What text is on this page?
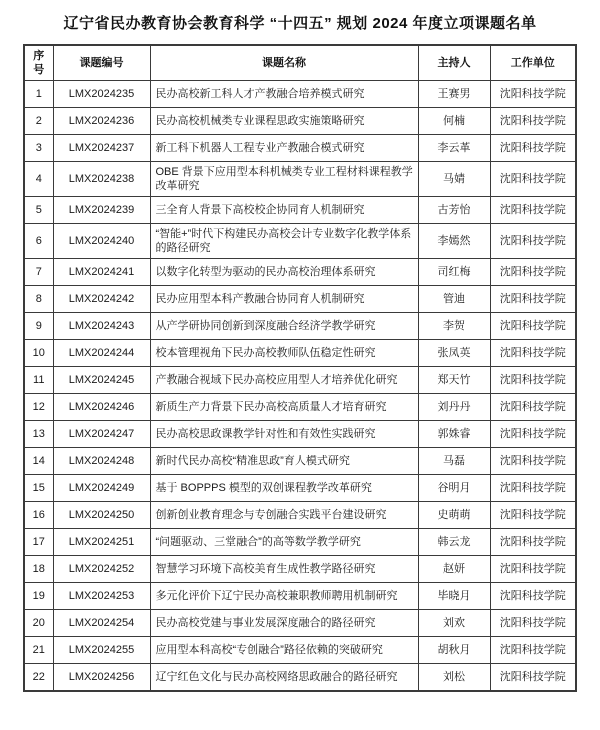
辽宁省民办教育协会教育科学 “十四五” 规划 2024 年度立项课题名单
序号	课题编号	课题名称	主持人	工作单位
1	LMX2024235	民办高校新工科人才产教融合培养模式研究	王赛男	沈阳科技学院
2	LMX2024236	民办高校机械类专业课程思政实施策略研究	何楠	沈阳科技学院
3	LMX2024237	新工科下机器人工程专业产教融合模式研究	李云革	沈阳科技学院
4	LMX2024238	OBE 背景下应用型本科机械类专业工程材料课程教学改革研究	马婧	沈阳科技学院
5	LMX2024239	三全育人背景下高校校企协同育人机制研究	古芳怡	沈阳科技学院
6	LMX2024240	“智能+”时代下构建民办高校会计专业数字化教学体系的路径研究	李嫣然	沈阳科技学院
7	LMX2024241	以数字化转型为驱动的民办高校治理体系研究	司红梅	沈阳科技学院
8	LMX2024242	民办应用型本科产教融合协同育人机制研究	管迪	沈阳科技学院
9	LMX2024243	从产学研协同创新到深度融合经济学教学研究	李贺	沈阳科技学院
10	LMX2024244	校本管理视角下民办高校教师队伍稳定性研究	张凤英	沈阳科技学院
11	LMX2024245	产教融合视域下民办高校应用型人才培养优化研究	郑天竹	沈阳科技学院
12	LMX2024246	新质生产力背景下民办高校高质量人才培育研究	刘丹丹	沈阳科技学院
13	LMX2024247	民办高校思政课教学针对性和有效性实践研究	郭姝睿	沈阳科技学院
14	LMX2024248	新时代民办高校“精准思政”育人模式研究	马磊	沈阳科技学院
15	LMX2024249	基于 BOPPPS 模型的双创课程教学改革研究	谷明月	沈阳科技学院
16	LMX2024250	创新创业教育理念与专创融合实践平台建设研究	史萌萌	沈阳科技学院
17	LMX2024251	“问题驱动、三堂融合”的高等数学教学研究	韩云龙	沈阳科技学院
18	LMX2024252	智慧学习环境下高校美育生成性教学路径研究	赵妍	沈阳科技学院
19	LMX2024253	多元化评价下辽宁民办高校兼职教师聘用机制研究	毕晓月	沈阳科技学院
20	LMX2024254	民办高校党建与事业发展深度融合的路径研究	刘欢	沈阳科技学院
21	LMX2024255	应用型本科高校“专创融合”路径依赖的突破研究	胡秋月	沈阳科技学院
22	LMX2024256	辽宁红色文化与民办高校网络思政融合的路径研究	刘松	沈阳科技学院
